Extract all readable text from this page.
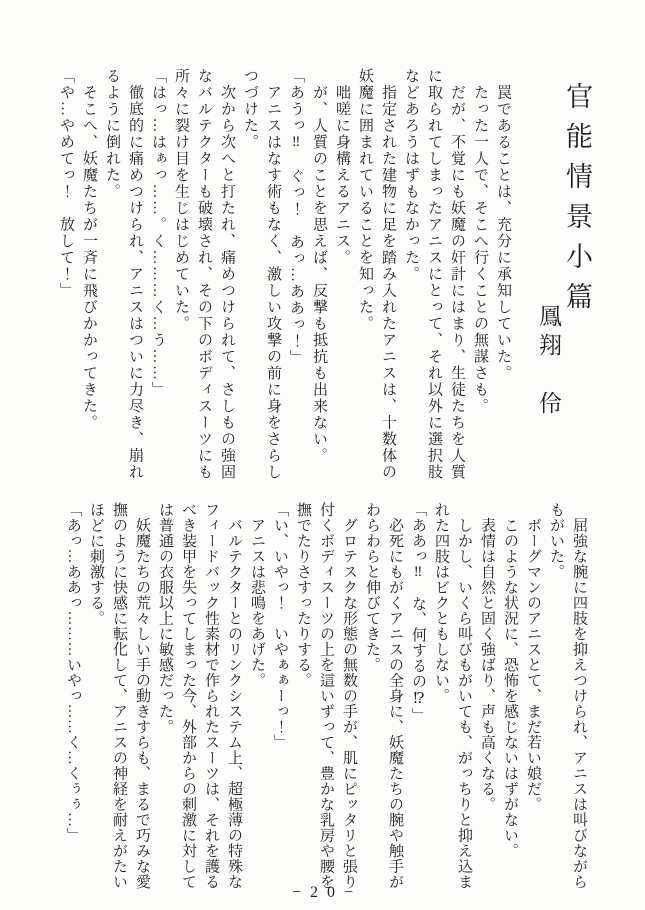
官能情景小篇
鳳翔　伶

　罠であることは、充分に承知していた。

　たった一人で、そこへ行くことの無謀さも。

　だが、不覚にも妖魔の奸計にはまり、生徒たちを人質

に取られてしまったアニスにとって、それ以外に選択肢

などあろうはずもなかった。

　指定された建物に足を踏み入れたアニスは、十数体の

妖魔に囲まれていることを知った。

　咄嗟に身構えるアニス。

　が、人質のことを思えば、反撃も抵抗も出来ない。

「あうっ‼　ぐっ！　あっ…ああっ！」

　アニスはなす術もなく、激しい攻撃の前に身をさらし

つづけた。

　次から次へと打たれ、痛めつけられて、さしもの強固

なバルテクターも破壊され、その下のボディスーツにも

所々に裂け目を生じはじめていた。

「はっ…はぁっ……。く………く…う……」

　徹底的に痛めつけられ、アニスはついに力尽き、崩れ

るように倒れた。

　そこへ、妖魔たちが一斉に飛びかかってきた。

「や…やめてっ！　放して！」

　屈強な腕に四肢を抑えつけられ、アニスは叫びながら

もがいた。

　ボーグマンのアニスとて、まだ若い娘だ。

　このような状況に、恐怖を感じないはずがない。

　表情は自然と固く強ばり、声も高くなる。

　しかし、いくら叫びもがいても、がっちりと抑え込ま

れた四肢はビクともしない。

「ああっ‼　な、何するの⁉」

　必死にもがくアニスの全身に、妖魔たちの腕や触手が

わらわらと伸びてきた。

　グロテスクな形態の無数の手が、肌にピッタリと張り

付くボディスーツの上を這いずって、豊かな乳房や腰を

撫でたりさすったりする。

「い、いやっ！　いやぁぁーっ！」

　アニスは悲鳴をあげた。

　バルテクターとのリンクシステム上、超極薄の特殊な

フィードバック性素材で作られたスーツは、それを護る

べき装甲を失ってしまった今、外部からの刺激に対して

は普通の衣服以上に敏感だった。

　妖魔たちの荒々しい手の動きすらも、まるで巧みな愛

撫のように快感に転化して、アニスの神経を耐えがたい

ほどに刺激する。

「あっ…ああっ………いやっ……く…くぅぅ…」

−20−
